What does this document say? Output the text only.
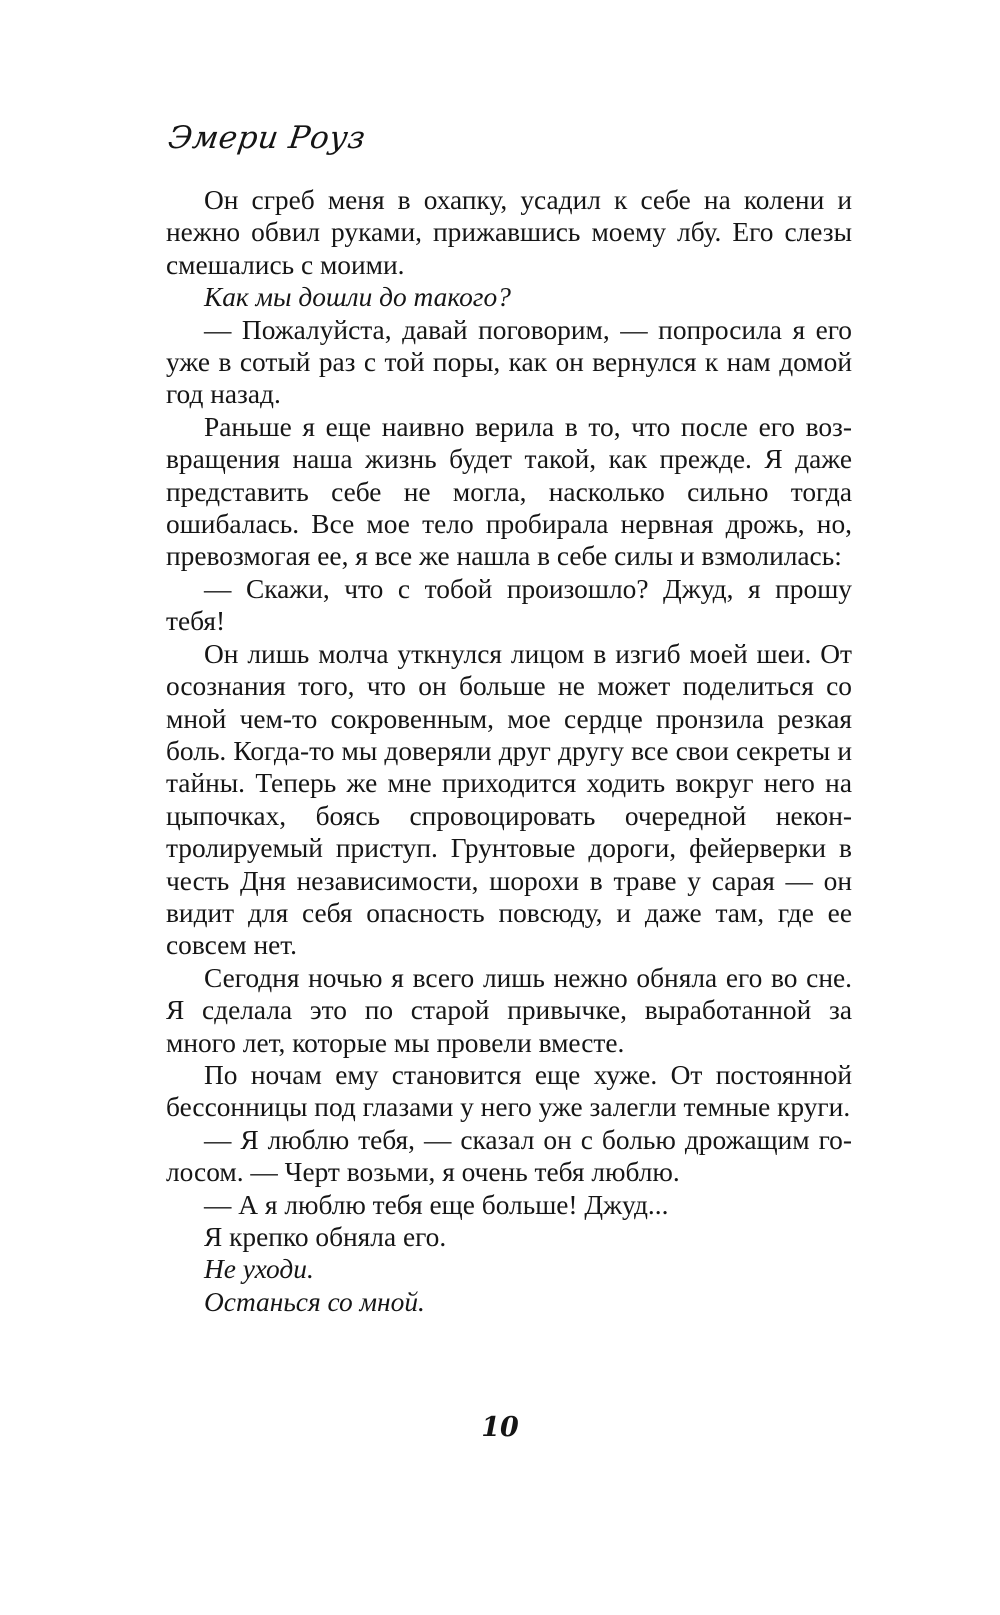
Эмери Роуз

Он сгреб меня в охапку, усадил к себе на колени и нежно обвил руками, прижавшись моему лбу. Его слезы смешались с моими.

Как мы дошли до такого?

— Пожалуйста, давай поговорим, — попросила я его уже в сотый раз с той поры, как он вернулся к нам домой год назад.

Раньше я еще наивно верила в то, что после его возвращения наша жизнь будет такой, как прежде. Я даже представить себе не могла, насколько сильно тогда ошибалась. Все мое тело пробирала нервная дрожь, но, превозмогая ее, я все же нашла в себе силы и взмолилась:

— Скажи, что с тобой произошло? Джуд, я прошу тебя!

Он лишь молча уткнулся лицом в изгиб моей шеи. От осознания того, что он больше не может поделиться со мной чем-то сокровенным, мое сердце пронзила резкая боль. Когда-то мы доверяли друг другу все свои секреты и тайны. Теперь же мне приходится ходить вокруг него на цыпочках, боясь спровоцировать очередной неконтролируемый приступ. Грунтовые дороги, фейерверки в честь Дня независимости, шорохи в траве у сарая — он видит для себя опасность повсюду, и даже там, где ее совсем нет.

Сегодня ночью я всего лишь нежно обняла его во сне. Я сделала это по старой привычке, выработанной за много лет, которые мы провели вместе.

По ночам ему становится еще хуже. От постоянной бессонницы под глазами у него уже залегли темные круги.

— Я люблю тебя, — сказал он с болью дрожащим голосом. — Черт возьми, я очень тебя люблю.

— А я люблю тебя еще больше! Джуд...

Я крепко обняла его.

Не уходи.

Останься со мной.

10
